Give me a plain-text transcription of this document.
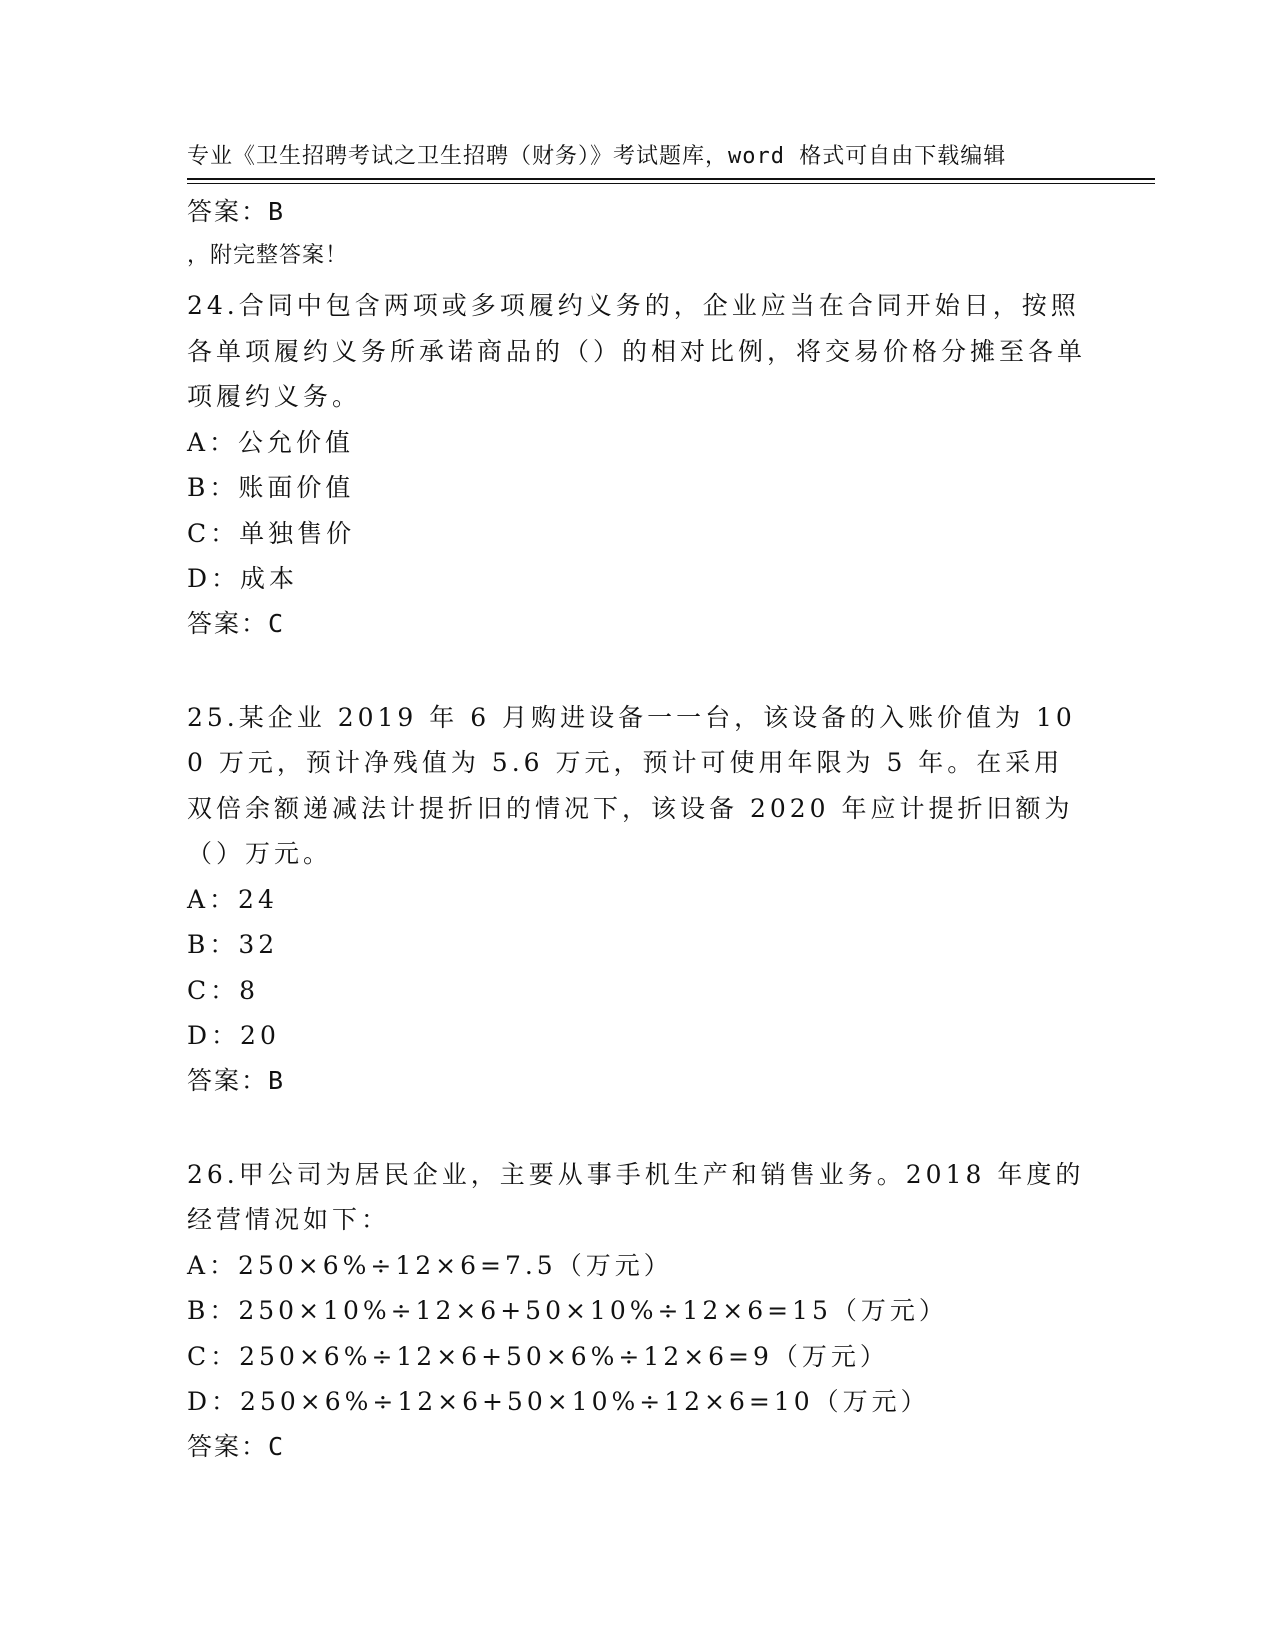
专业《卫生招聘考试之卫生招聘（财务）》考试题库，word 格式可自由下载编辑

，附完整答案！

答案：B
24.合同中包含两项或多项履约义务的，企业应当在合同开始日，按照各单项履约义务所承诺商品的（）的相对比例，将交易价格分摊至各单项履约义务。
A：公允价值
B：账面价值
C：单独售价
D：成本
答案：C
25.某企业 2019 年 6 月购进设备一一台，该设备的入账价值为 100 万元，预计净残值为 5.6 万元，预计可使用年限为 5 年。在采用双倍余额递减法计提折旧的情况下，该设备 2020 年应计提折旧额为（）万元。
A：24
B：32
C：8
D：20
答案：B
26.甲公司为居民企业，主要从事手机生产和销售业务。2018 年度的经营情况如下：
A：250×6%÷12×6=7.5（万元）
B：250×10%÷12×6+50×10%÷12×6=15（万元）
C：250×6%÷12×6+50×6%÷12×6=9（万元）
D：250×6%÷12×6+50×10%÷12×6=10（万元）
答案：C
